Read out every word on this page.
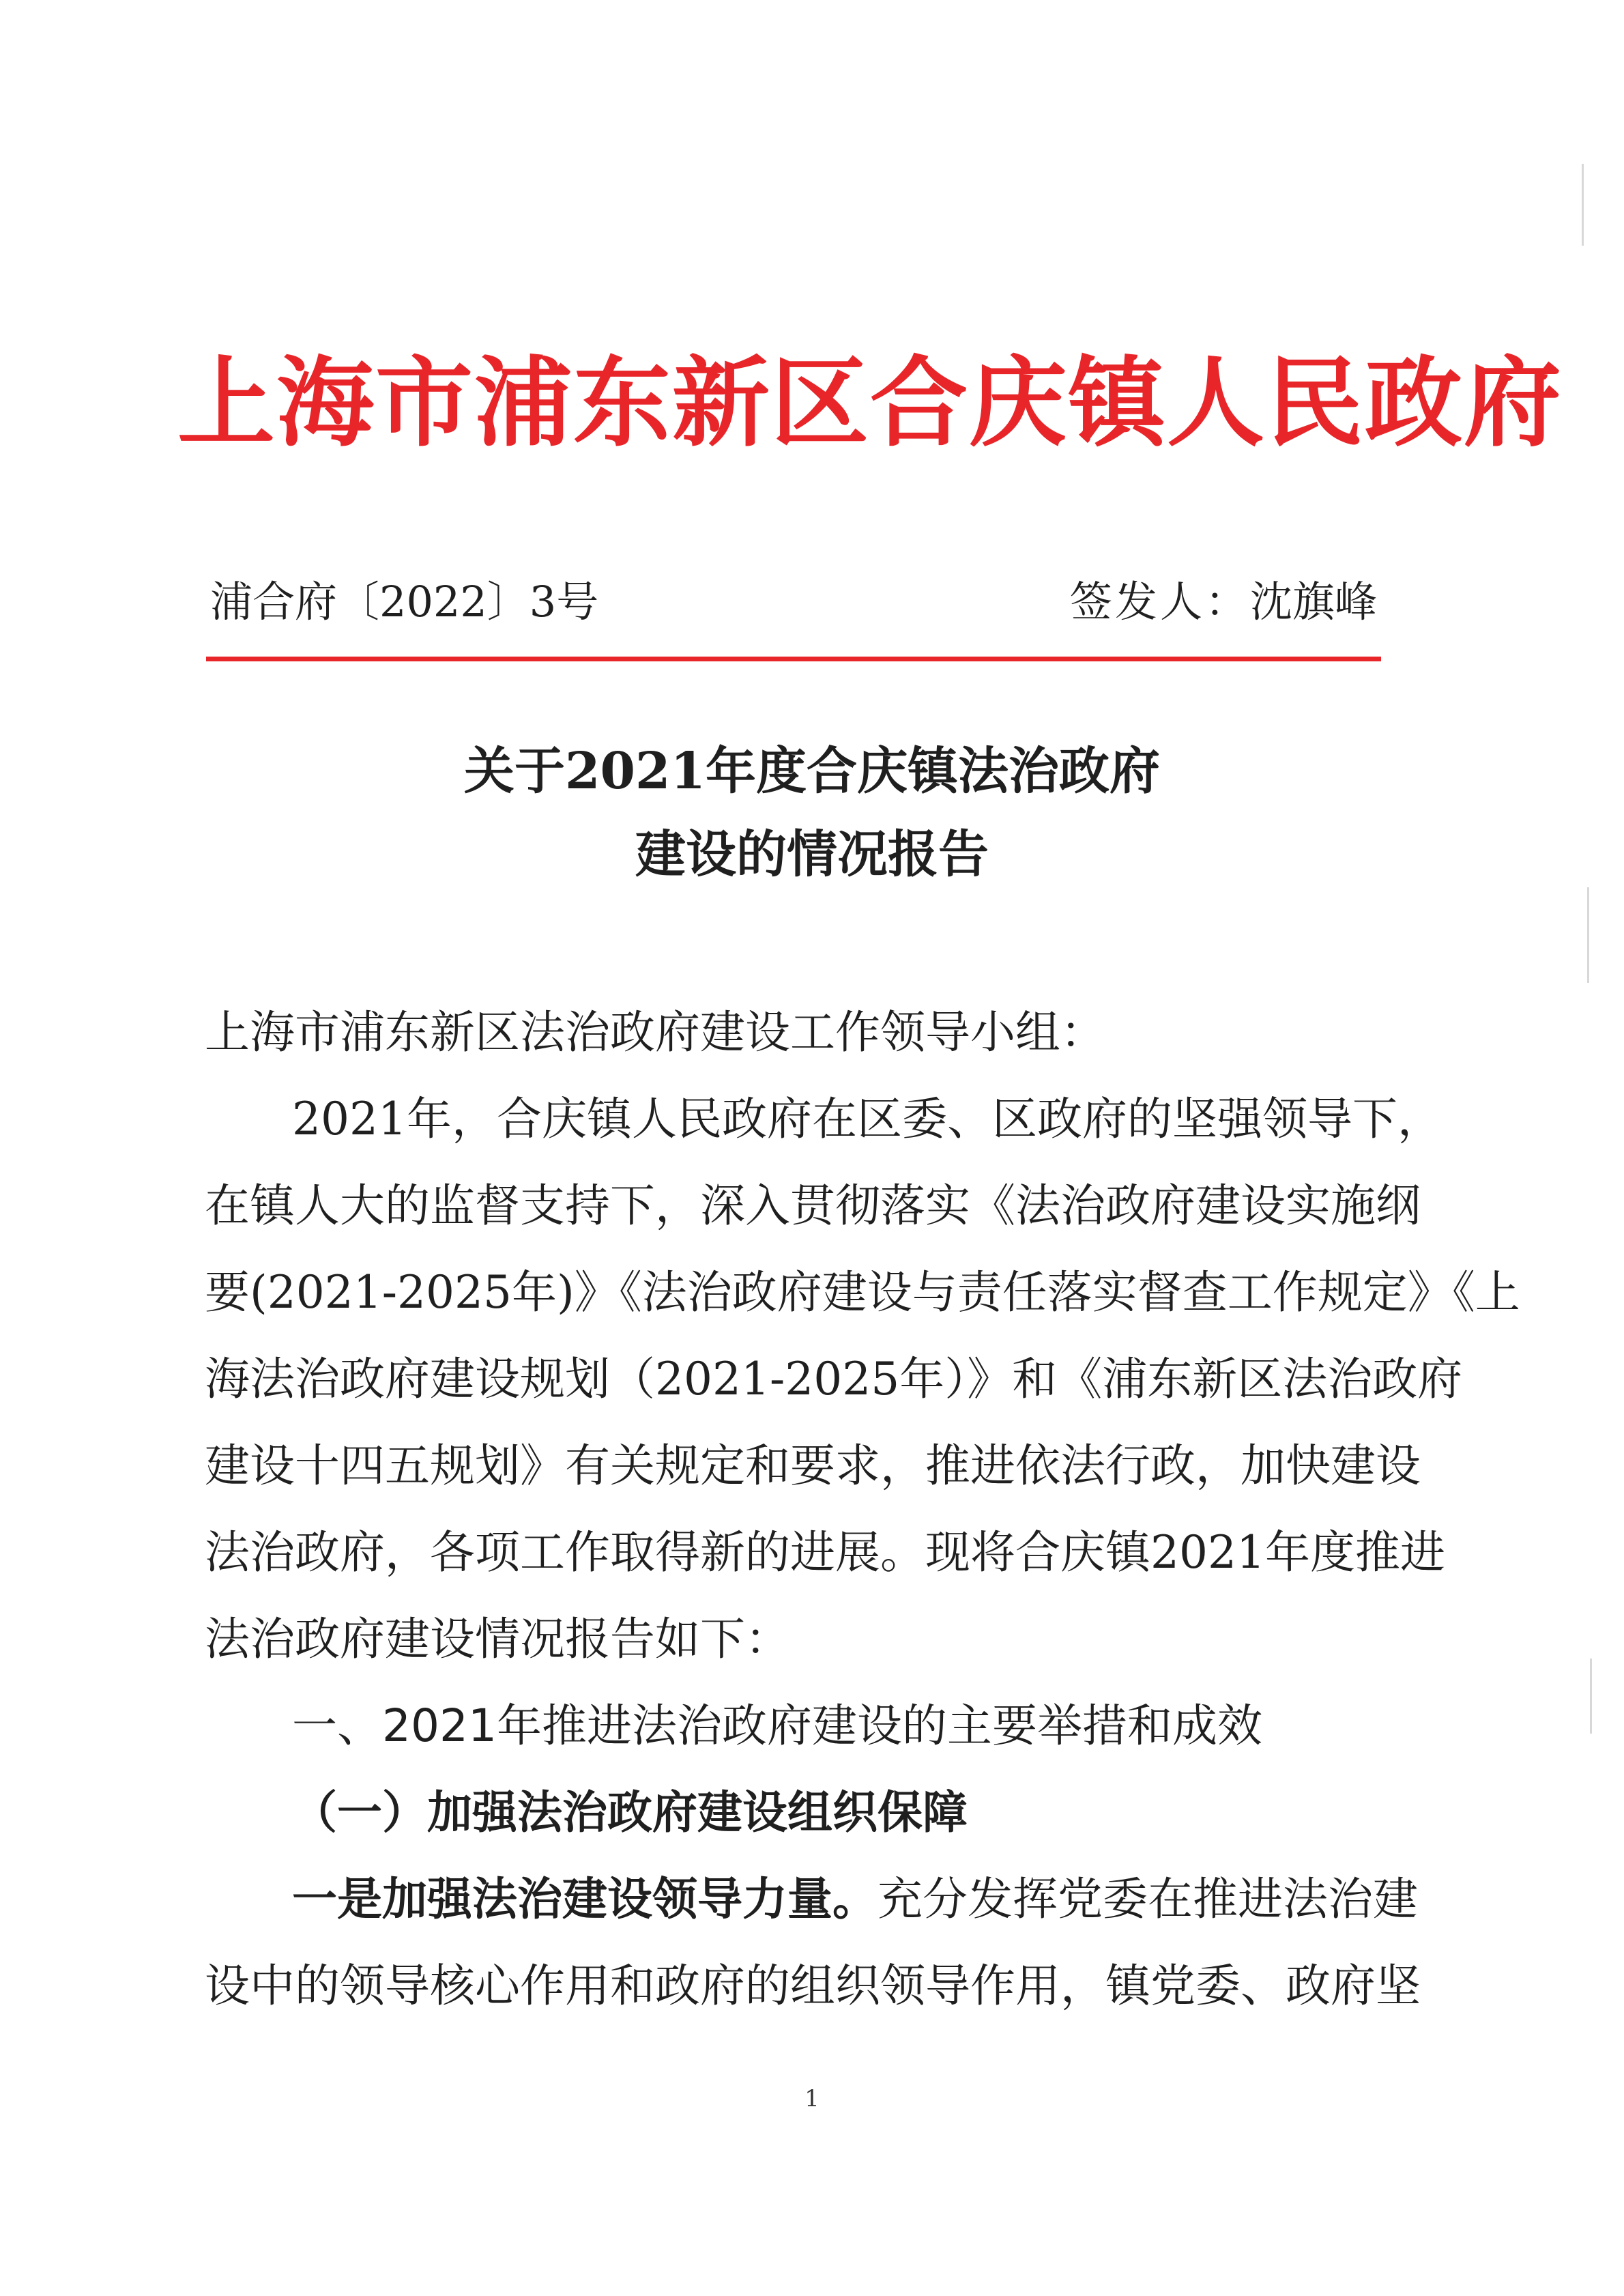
上海市浦东新区合庆镇人民政府
浦合府〔2022〕3号	签发人：沈旗峰
关于2021年度合庆镇法治政府
建设的情况报告
上海市浦东新区法治政府建设工作领导小组：
2021年，合庆镇人民政府在区委、区政府的坚强领导下，
在镇人大的监督支持下，深入贯彻落实《法治政府建设实施纲
要(2021-2025年)》《法治政府建设与责任落实督查工作规定》《上
海法治政府建设规划（2021-2025年）》和《浦东新区法治政府
建设十四五规划》有关规定和要求，推进依法行政，加快建设
法治政府，各项工作取得新的进展。现将合庆镇2021年度推进
法治政府建设情况报告如下：
一、2021年推进法治政府建设的主要举措和成效
（一）加强法治政府建设组织保障
一是加强法治建设领导力量。充分发挥党委在推进法治建
设中的领导核心作用和政府的组织领导作用，镇党委、政府坚
1
